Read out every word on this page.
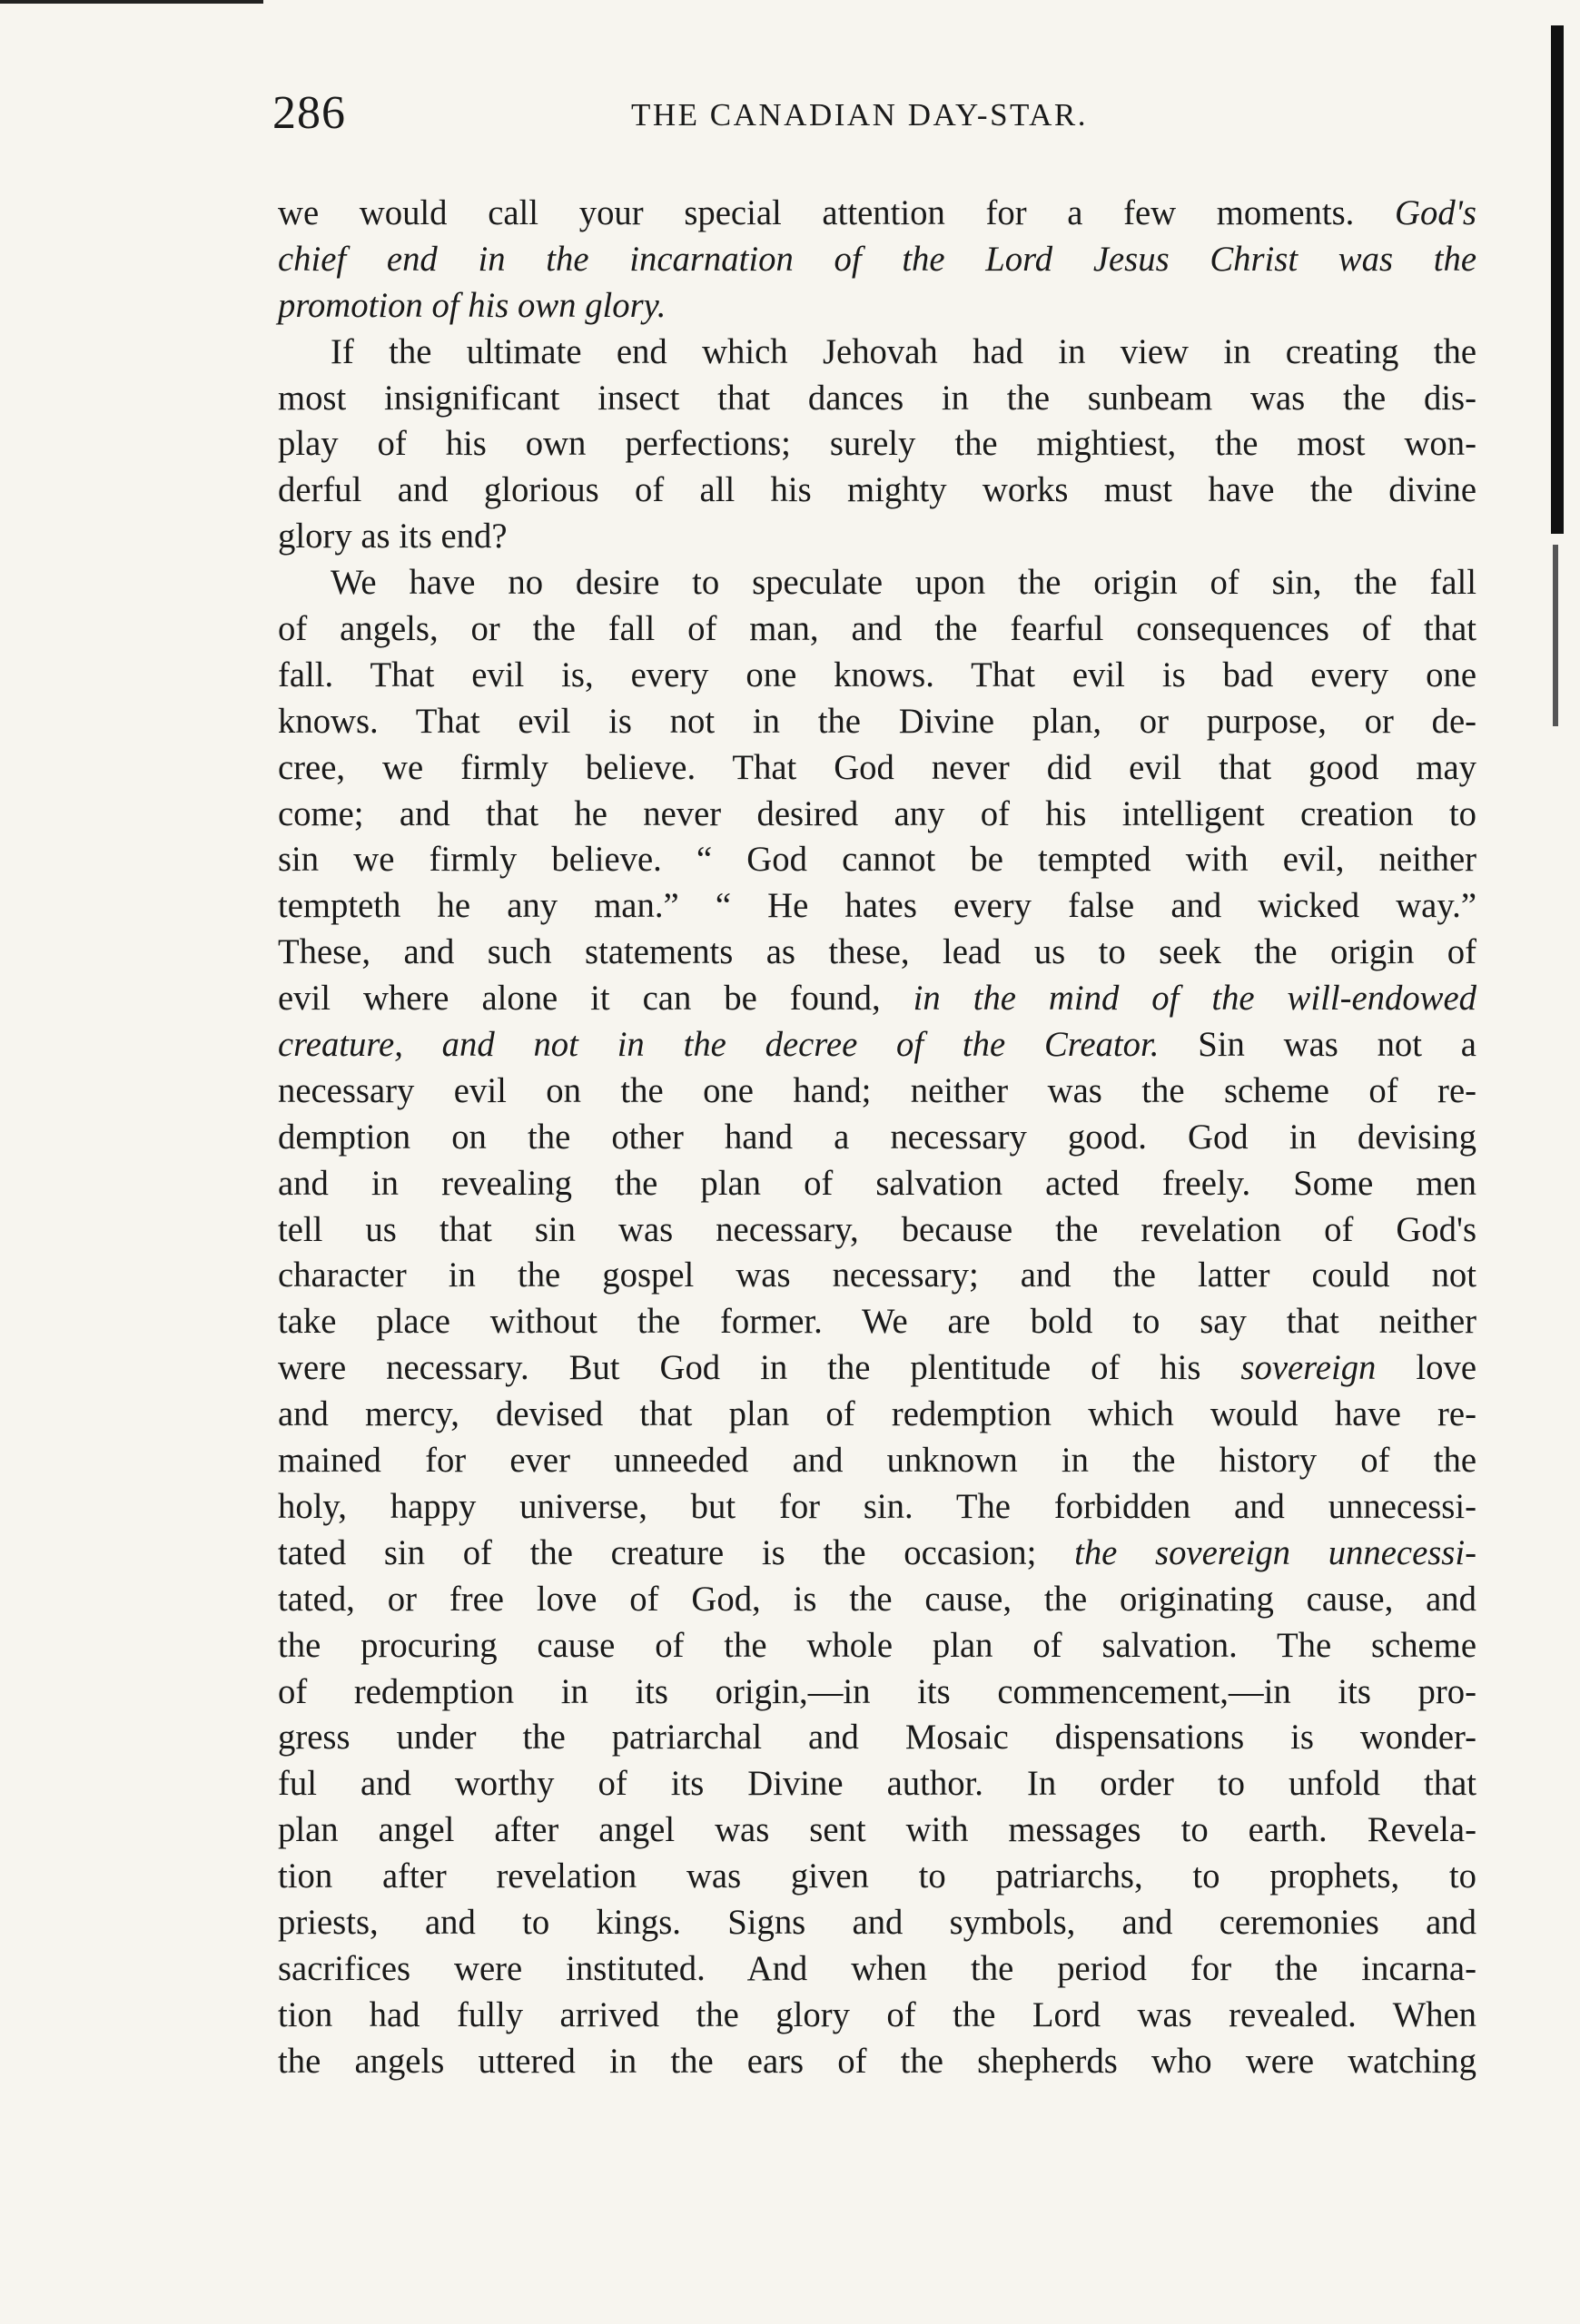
286	THE CANADIAN DAY-STAR.
we would call your special attention for a few moments. God's
chief end in the incarnation of the Lord Jesus Christ was the
promotion of his own glory.
If the ultimate end which Jehovah had in view in creating the
most insignificant insect that dances in the sunbeam was the dis-
play of his own perfections; surely the mightiest, the most won-
derful and glorious of all his mighty works must have the divine
glory as its end?
We have no desire to speculate upon the origin of sin, the fall
of angels, or the fall of man, and the fearful consequences of that
fall. That evil is, every one knows. That evil is bad every one
knows. That evil is not in the Divine plan, or purpose, or de-
cree, we firmly believe. That God never did evil that good may
come; and that he never desired any of his intelligent creation to
sin we firmly believe. “ God cannot be tempted with evil, neither
tempteth he any man.” “ He hates every false and wicked way.”
These, and such statements as these, lead us to seek the origin of
evil where alone it can be found, in the mind of the will-endowed
creature, and not in the decree of the Creator. Sin was not a
necessary evil on the one hand; neither was the scheme of re-
demption on the other hand a necessary good. God in devising
and in revealing the plan of salvation acted freely. Some men
tell us that sin was necessary, because the revelation of God's
character in the gospel was necessary; and the latter could not
take place without the former. We are bold to say that neither
were necessary. But God in the plentitude of his sovereign love
and mercy, devised that plan of redemption which would have re-
mained for ever unneeded and unknown in the history of the
holy, happy universe, but for sin. The forbidden and unnecessi-
tated sin of the creature is the occasion; the sovereign unnecessi-
tated, or free love of God, is the cause, the originating cause, and
the procuring cause of the whole plan of salvation. The scheme
of redemption in its origin,—in its commencement,—in its pro-
gress under the patriarchal and Mosaic dispensations is wonder-
ful and worthy of its Divine author. In order to unfold that
plan angel after angel was sent with messages to earth. Revela-
tion after revelation was given to patriarchs, to prophets, to
priests, and to kings. Signs and symbols, and ceremonies and
sacrifices were instituted. And when the period for the incarna-
tion had fully arrived the glory of the Lord was revealed. When
the angels uttered in the ears of the shepherds who were watching
